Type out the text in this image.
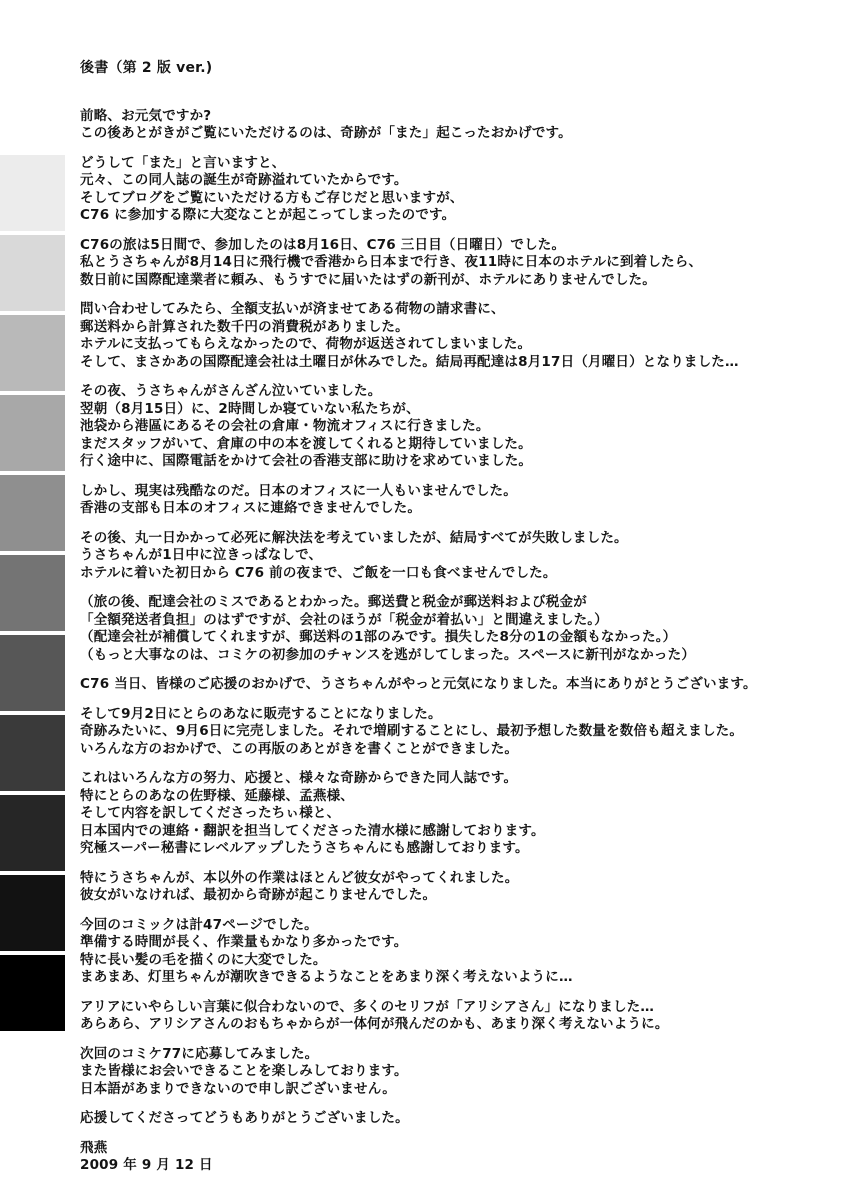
後書（第 2 版 ver.)
前略、お元気ですか?
この後あとがきがご覧にいただけるのは、奇跡が「また」起こったおかげです。
どうして「また」と言いますと、
元々、この同人誌の誕生が奇跡溢れていたからです。
そしてブログをご覧にいただける方もご存じだと思いますが、
C76 に参加する際に大変なことが起こってしまったのです。
C76の旅は5日間で、参加したのは8月16日、C76 三日目（日曜日）でした。
私とうさちゃんが8月14日に飛行機で香港から日本まで行き、夜11時に日本のホテルに到着したら、
数日前に国際配達業者に頼み、もうすでに届いたはずの新刊が、ホテルにありませんでした。
問い合わせしてみたら、全額支払いが済ませてある荷物の請求書に、
郵送料から計算された数千円の消費税がありました。
ホテルに支払ってもらえなかったので、荷物が返送されてしまいました。
そして、まさかあの国際配達会社は土曜日が休みでした。結局再配達は8月17日（月曜日）となりました…
その夜、うさちゃんがさんざん泣いていました。
翌朝（8月15日）に、2時間しか寝ていない私たちが、
池袋から港區にあるその会社の倉庫・物流オフィスに行きました。
まだスタッフがいて、倉庫の中の本を渡してくれると期待していました。
行く途中に、国際電話をかけて会社の香港支部に助けを求めていました。
しかし、現実は残酷なのだ。日本のオフィスに一人もいませんでした。
香港の支部も日本のオフィスに連絡できませんでした。
その後、丸一日かかって必死に解決法を考えていましたが、結局すべてが失敗しました。
うさちゃんが1日中に泣きっぱなしで、
ホテルに着いた初日から C76 前の夜まで、ご飯を一口も食べませんでした。
（旅の後、配達会社のミスであるとわかった。郵送費と税金が郵送料および税金が
「全額発送者負担」のはずですが、会社のほうが「税金が着払い」と間違えました。）
（配達会社が補償してくれますが、郵送料の1部のみです。損失した8分の1の金額もなかった。）
（もっと大事なのは、コミケの初参加のチャンスを逃がしてしまった。スペースに新刊がなかった）
C76 当日、皆様のご応援のおかげで、うさちゃんがやっと元気になりました。本当にありがとうございます。
そして9月2日にとらのあなに販売することになりました。
奇跡みたいに、9月6日に完売しました。それで増刷することにし、最初予想した数量を数倍も超えました。
いろんな方のおかげで、この再版のあとがきを書くことができました。
これはいろんな方の努力、応援と、様々な奇跡からできた同人誌です。
特にとらのあなの佐野様、延藤様、孟燕様、
そして内容を訳してくださったちぃ様と、
日本国内での連絡・翻訳を担当してくださった清水様に感謝しております。
究極スーパー秘書にレベルアップしたうさちゃんにも感謝しております。
特にうさちゃんが、本以外の作業はほとんど彼女がやってくれました。
彼女がいなければ、最初から奇跡が起こりませんでした。
今回のコミックは計47ページでした。
準備する時間が長く、作業量もかなり多かったです。
特に長い髪の毛を描くのに大変でした。
まあまあ、灯里ちゃんが潮吹きできるようなことをあまり深く考えないように…
アリアにいやらしい言葉に似合わないので、多くのセリフが「アリシアさん」になりました…
あらあら、アリシアさんのおもちゃからが一体何が飛んだのかも、あまり深く考えないように。
次回のコミケ77に応募してみました。
また皆様にお会いできることを楽しみしております。
日本語があまりできないので申し訳ございません。
応援してくださってどうもありがとうございました。
飛燕
2009 年 9 月 12 日
